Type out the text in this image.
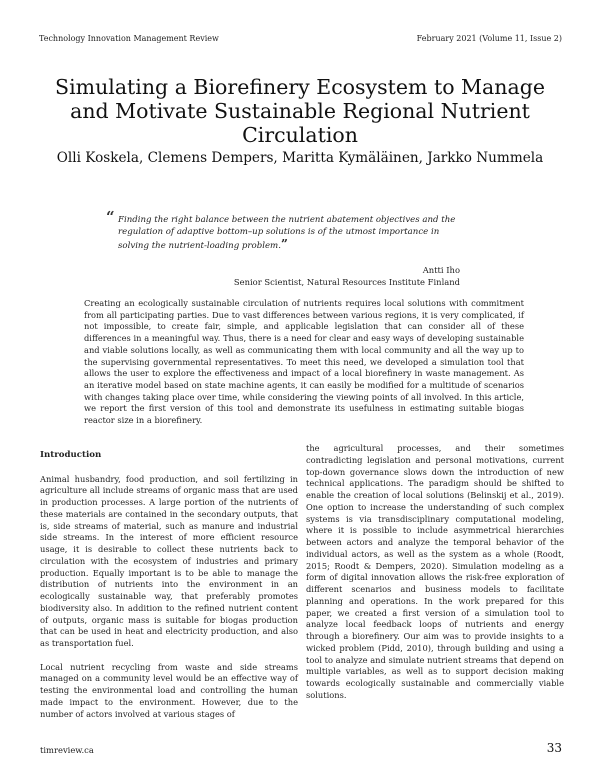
Technology Innovation Management Review	February 2021 (Volume 11, Issue 2)
Simulating a Biorefinery Ecosystem to Manage
and Motivate Sustainable Regional Nutrient
Circulation
Olli Koskela, Clemens Dempers, Maritta Kymäläinen, Jarkko Nummela
“ Finding the right balance between the nutrient abatement objectives and the regulation of adaptive bottom–up solutions is of the utmost importance in solving the nutrient-loading problem.”
Antti Iho
Senior Scientist, Natural Resources Institute Finland
Creating an ecologically sustainable circulation of nutrients requires local solutions with commitment from all participating parties. Due to vast differences between various regions, it is very complicated, if not impossible, to create fair, simple, and applicable legislation that can consider all of these differences in a meaningful way. Thus, there is a need for clear and easy ways of developing sustainable and viable solutions locally, as well as communicating them with local community and all the way up to the supervising governmental representatives. To meet this need, we developed a simulation tool that allows the user to explore the effectiveness and impact of a local biorefinery in waste management. As an iterative model based on state machine agents, it can easily be modified for a multitude of scenarios with changes taking place over time, while considering the viewing points of all involved. In this article, we report the first version of this tool and demonstrate its usefulness in estimating suitable biogas reactor size in a biorefinery.

Introduction

Animal husbandry, food production, and soil fertilizing in agriculture all include streams of organic mass that are used in production processes. A large portion of the nutrients of these materials are contained in the secondary outputs, that is, side streams of material, such as manure and industrial side streams. In the interest of more efficient resource usage, it is desirable to collect these nutrients back to circulation with the ecosystem of industries and primary production. Equally important is to be able to manage the distribution of nutrients into the environment in an ecologically sustainable way, that preferably promotes biodiversity also. In addition to the refined nutrient content of outputs, organic mass is suitable for biogas production that can be used in heat and electricity production, and also as transportation fuel.

Local nutrient recycling from waste and side streams managed on a community level would be an effective way of testing the environmental load and controlling the human made impact to the environment. However, due to the number of actors involved at various stages of

the agricultural processes, and their sometimes contradicting legislation and personal motivations, current top-down governance slows down the introduction of new technical applications. The paradigm should be shifted to enable the creation of local solutions (Belinskij et al., 2019). One option to increase the understanding of such complex systems is via transdisciplinary computational modeling, where it is possible to include asymmetrical hierarchies between actors and analyze the temporal behavior of the individual actors, as well as the system as a whole (Roodt, 2015; Roodt & Dempers, 2020). Simulation modeling as a form of digital innovation allows the risk-free exploration of different scenarios and business models to facilitate planning and operations. In the work prepared for this paper, we created a first version of a simulation tool to analyze local feedback loops of nutrients and energy through a biorefinery. Our aim was to provide insights to a wicked problem (Pidd, 2010), through building and using a tool to analyze and simulate nutrient streams that depend on multiple variables, as well as to support decision making towards ecologically sustainable and commercially viable solutions.

timreview.ca	33
